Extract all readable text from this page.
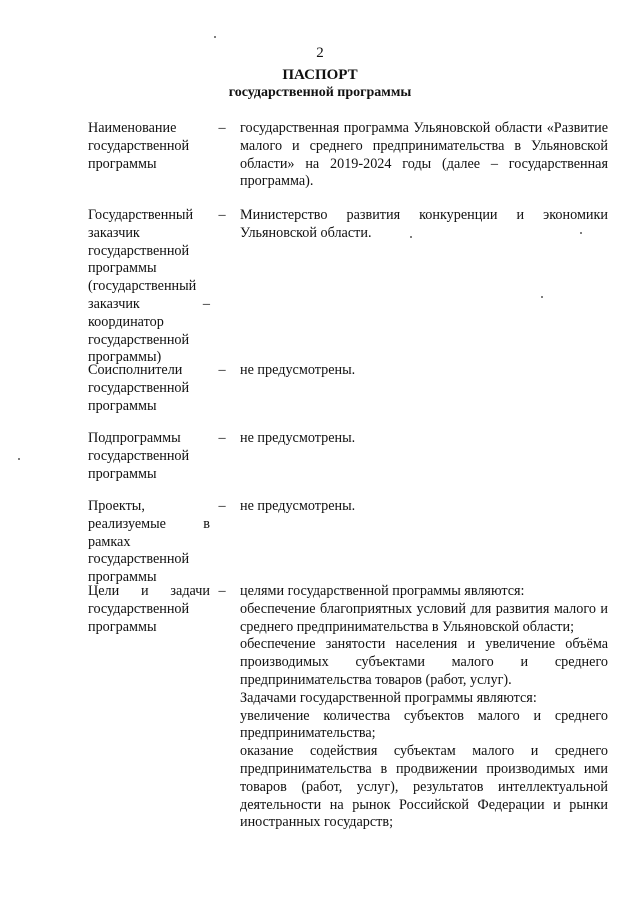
2
ПАСПОРТ
государственной программы
Наименование государственной программы
– государственная программа Ульяновской области «Развитие малого и среднего предпринимательства в Ульяновской области» на 2019-2024 годы (далее – государственная программа).
Государственный заказчик государственной программы (государственный заказчик – координатор государственной программы)
– Министерство развития конкуренции и экономики Ульяновской области.
Соисполнители государственной программы
– не предусмотрены.
Подпрограммы государственной программы
– не предусмотрены.
Проекты, реализуемые в рамках государственной программы
– не предусмотрены.
Цели и задачи государственной программы
– целями государственной программы являются:

обеспечение благоприятных условий для развития малого и среднего предпринимательства в Ульяновской области;

обеспечение занятости населения и увеличение объёма производимых субъектами малого и среднего предпринимательства товаров (работ, услуг).

Задачами государственной программы являются:

увеличение количества субъектов малого и среднего предпринимательства;

оказание содействия субъектам малого и среднего предпринимательства в продвижении производимых ими товаров (работ, услуг), результатов интеллектуальной деятельности на рынок Российской Федерации и рынки иностранных государств;
